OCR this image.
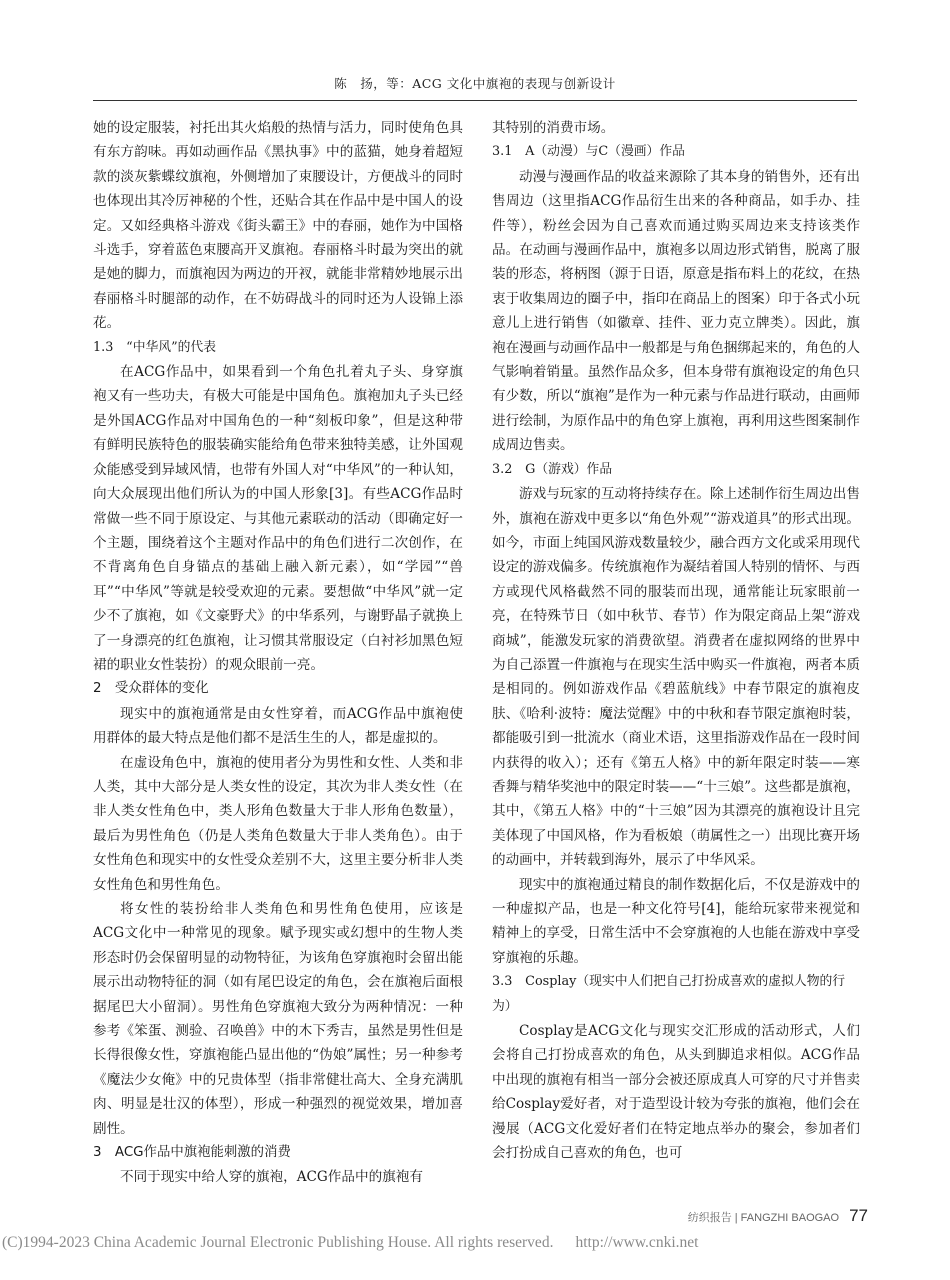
陈　扬，等：ACG 文化中旗袍的表现与创新设计

她的设定服装，衬托出其火焰般的热情与活力，同时使角色具有东方韵味。再如动画作品《黑执事》中的蓝猫，她身着超短款的淡灰紫蝶纹旗袍，外侧增加了束腰设计，方便战斗的同时也体现出其冷厉神秘的个性，还贴合其在作品中是中国人的设定。又如经典格斗游戏《街头霸王》中的春丽，她作为中国格斗选手，穿着蓝色束腰高开叉旗袍。春丽格斗时最为突出的就是她的脚力，而旗袍因为两边的开衩，就能非常精妙地展示出春丽格斗时腿部的动作，在不妨碍战斗的同时还为人设锦上添花。

1.3　“中华风”的代表

在ACG作品中，如果看到一个角色扎着丸子头、身穿旗袍又有一些功夫，有极大可能是中国角色。旗袍加丸子头已经是外国ACG作品对中国角色的一种“刻板印象”，但是这种带有鲜明民族特色的服装确实能给角色带来独特美感，让外国观众能感受到异域风情，也带有外国人对“中华风”的一种认知，向大众展现出他们所认为的中国人形象[3]。有些ACG作品时常做一些不同于原设定、与其他元素联动的活动（即确定好一个主题，围绕着这个主题对作品中的角色们进行二次创作，在不背离角色自身锚点的基础上融入新元素），如“学园”“兽耳”“中华风”等就是较受欢迎的元素。要想做“中华风”就一定少不了旗袍，如《文豪野犬》的中华系列，与谢野晶子就换上了一身漂亮的红色旗袍，让习惯其常服设定（白衬衫加黑色短裙的职业女性装扮）的观众眼前一亮。

2　受众群体的变化

现实中的旗袍通常是由女性穿着，而ACG作品中旗袍使用群体的最大特点是他们都不是活生生的人，都是虚拟的。

在虚设角色中，旗袍的使用者分为男性和女性、人类和非人类，其中大部分是人类女性的设定，其次为非人类女性（在非人类女性角色中，类人形角色数量大于非人形角色数量），最后为男性角色（仍是人类角色数量大于非人类角色）。由于女性角色和现实中的女性受众差别不大，这里主要分析非人类女性角色和男性角色。

将女性的装扮给非人类角色和男性角色使用，应该是ACG文化中一种常见的现象。赋予现实或幻想中的生物人类形态时仍会保留明显的动物特征，为该角色穿旗袍时会留出能展示出动物特征的洞（如有尾巴设定的角色，会在旗袍后面根据尾巴大小留洞）。男性角色穿旗袍大致分为两种情况：一种参考《笨蛋、测验、召唤兽》中的木下秀吉，虽然是男性但是长得很像女性，穿旗袍能凸显出他的“伪娘”属性；另一种参考《魔法少女俺》中的兄贵体型（指非常健壮高大、全身充满肌肉、明显是壮汉的体型），形成一种强烈的视觉效果，增加喜剧性。

3　ACG作品中旗袍能刺激的消费

不同于现实中给人穿的旗袍，ACG作品中的旗袍有

其特别的消费市场。

3.1　A（动漫）与C（漫画）作品

动漫与漫画作品的收益来源除了其本身的销售外，还有出售周边（这里指ACG作品衍生出来的各种商品，如手办、挂件等），粉丝会因为自己喜欢而通过购买周边来支持该类作品。在动画与漫画作品中，旗袍多以周边形式销售，脱离了服装的形态，将柄图（源于日语，原意是指布料上的花纹，在热衷于收集周边的圈子中，指印在商品上的图案）印于各式小玩意儿上进行销售（如徽章、挂件、亚力克立牌类）。因此，旗袍在漫画与动画作品中一般都是与角色捆绑起来的，角色的人气影响着销量。虽然作品众多，但本身带有旗袍设定的角色只有少数，所以“旗袍”是作为一种元素与作品进行联动，由画师进行绘制，为原作品中的角色穿上旗袍，再利用这些图案制作成周边售卖。

3.2　G（游戏）作品

游戏与玩家的互动将持续存在。除上述制作衍生周边出售外，旗袍在游戏中更多以“角色外观”“游戏道具”的形式出现。如今，市面上纯国风游戏数量较少，融合西方文化或采用现代设定的游戏偏多。传统旗袍作为凝结着国人特别的情怀、与西方或现代风格截然不同的服装而出现，通常能让玩家眼前一亮，在特殊节日（如中秋节、春节）作为限定商品上架“游戏商城”，能激发玩家的消费欲望。消费者在虚拟网络的世界中为自己添置一件旗袍与在现实生活中购买一件旗袍，两者本质是相同的。例如游戏作品《碧蓝航线》中春节限定的旗袍皮肤、《哈利·波特：魔法觉醒》中的中秋和春节限定旗袍时装，都能吸引到一批流水（商业术语，这里指游戏作品在一段时间内获得的收入）；还有《第五人格》中的新年限定时装——寒香舞与精华奖池中的限定时装——“十三娘”。这些都是旗袍，其中，《第五人格》中的“十三娘”因为其漂亮的旗袍设计且完美体现了中国风格，作为看板娘（萌属性之一）出现比赛开场的动画中，并转载到海外，展示了中华风采。

现实中的旗袍通过精良的制作数据化后，不仅是游戏中的一种虚拟产品，也是一种文化符号[4]，能给玩家带来视觉和精神上的享受，日常生活中不会穿旗袍的人也能在游戏中享受穿旗袍的乐趣。

3.3　Cosplay（现实中人们把自己打扮成喜欢的虚拟人物的行为）

Cosplay是ACG文化与现实交汇形成的活动形式，人们会将自己打扮成喜欢的角色，从头到脚追求相似。ACG作品中出现的旗袍有相当一部分会被还原成真人可穿的尺寸并售卖给Cosplay爱好者，对于造型设计较为夸张的旗袍，他们会在漫展（ACG文化爱好者们在特定地点举办的聚会，参加者们会打扮成自己喜欢的角色，也可

纺织报告 | FANGZHI BAOGAO 77
(C)1994-2023 China Academic Journal Electronic Publishing House. All rights reserved. http://www.cnki.net
